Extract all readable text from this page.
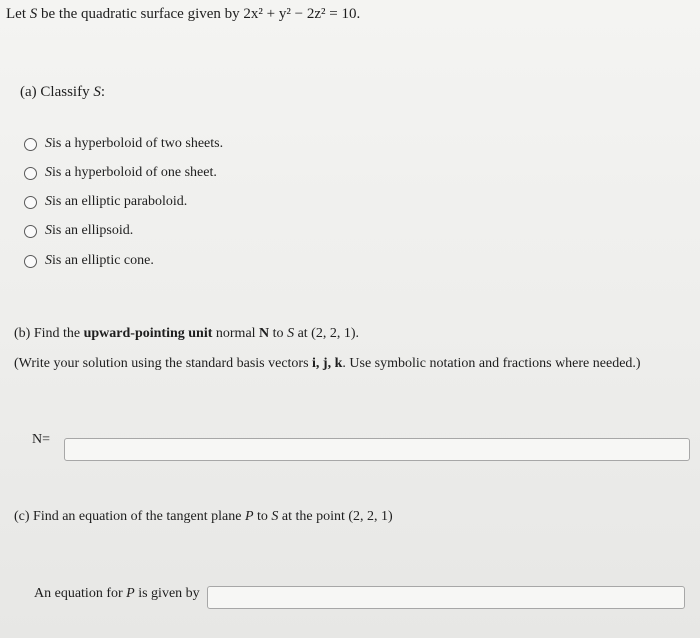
Let S be the quadratic surface given by 2x² + y² − 2z² = 10.
(a) Classify S:
S is a hyperboloid of two sheets.
S is a hyperboloid of one sheet.
S is an elliptic paraboloid.
S is an ellipsoid.
S is an elliptic cone.
(b) Find the upward-pointing unit normal N to S at (2, 2, 1).
(Write your solution using the standard basis vectors i, j, k. Use symbolic notation and fractions where needed.)
N=
(c) Find an equation of the tangent plane P to S at the point (2, 2, 1)
An equation for P is given by
